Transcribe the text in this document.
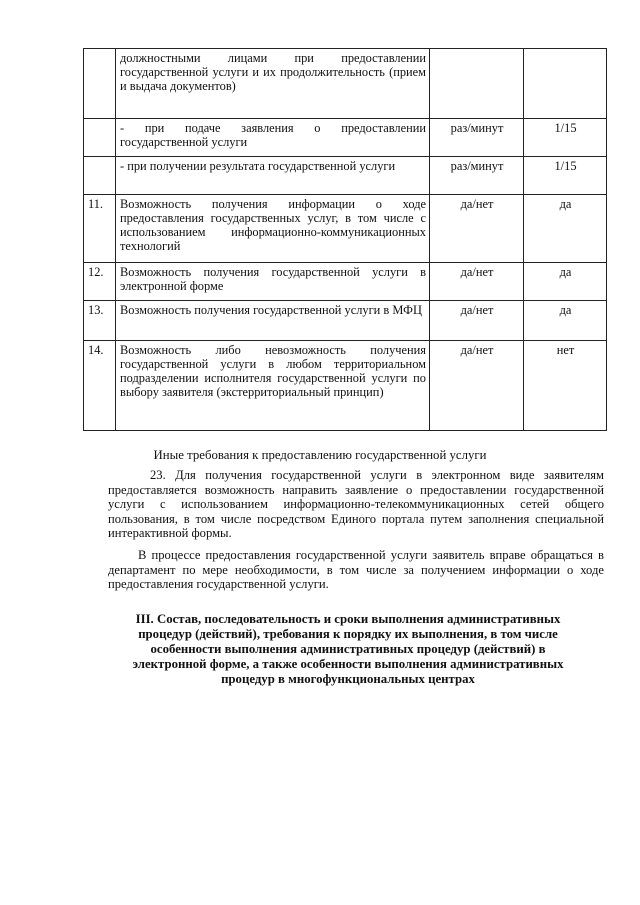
	должностными лицами при предоставлении государственной услуги и их продолжительность (прием и выдача документов)		
	- при подаче заявления о предоставлении государственной услуги	раз/минут	1/15
	- при получении результата государственной услуги	раз/минут	1/15
11.	Возможность получения информации о ходе предоставления государственных услуг, в том числе с использованием информационно-коммуникационных технологий	да/нет	да
12.	Возможность получения государственной услуги в электронной форме	да/нет	да
13.	Возможность получения государственной услуги в МФЦ	да/нет	да
14.	Возможность либо невозможность получения государственной услуги в любом территориальном подразделении исполнителя государственной услуги по выбору заявителя (экстерриториальный принцип)	да/нет	нет
Иные требования к предоставлению государственной услуги

23. Для получения государственной услуги в электронном виде заявителям предоставляется возможность направить заявление о предоставлении государственной услуги с использованием информационно-телекоммуникационных сетей общего пользования, в том числе посредством Единого портала путем заполнения специальной интерактивной формы.

В процессе предоставления государственной услуги заявитель вправе обращаться в департамент по мере необходимости, в том числе за получением информации о ходе предоставления государственной услуги.

III. Состав, последовательность и сроки выполнения административных процедур (действий), требования к порядку их выполнения, в том числе особенности выполнения административных процедур (действий) в электронной форме, а также особенности выполнения административных процедур в многофункциональных центрах
